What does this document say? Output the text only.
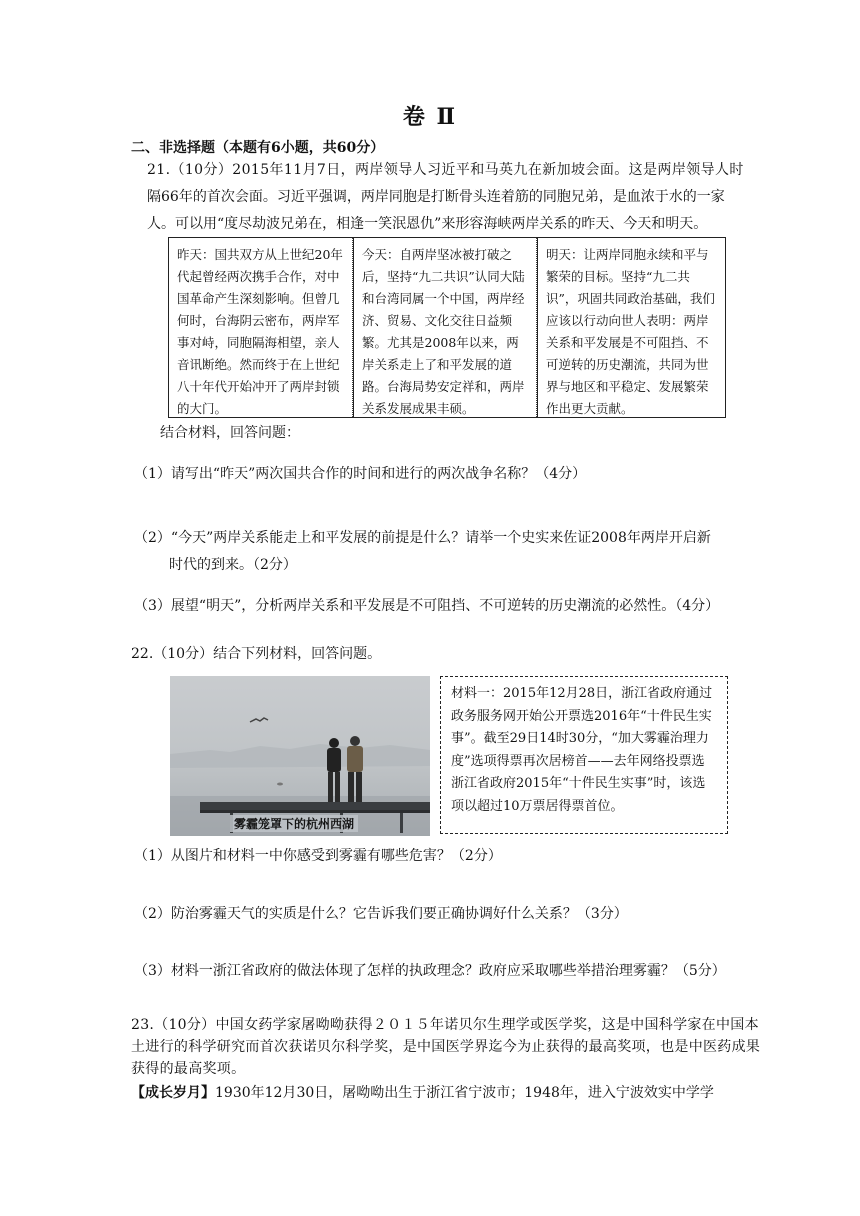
卷 Ⅱ
二、非选择题（本题有6小题，共60分）
21.（10分）2015年11月7日，两岸领导人习近平和马英九在新加坡会面。这是两岸领导人时
隔66年的首次会面。习近平强调，两岸同胞是打断骨头连着筋的同胞兄弟，是血浓于水的一家
人。可以用“度尽劫波兄弟在，相逢一笑泯恩仇”来形容海峡两岸关系的昨天、今天和明天。
昨天：国共双方从上世纪20年代起曾经两次携手合作，对中国革命产生深刻影响。但曾几何时，台海阴云密布，两岸军事对峙，同胞隔海相望，亲人音讯断绝。然而终于在上世纪八十年代开始冲开了两岸封锁的大门。
今天：自两岸坚冰被打破之后，坚持“九二共识”认同大陆和台湾同属一个中国，两岸经济、贸易、文化交往日益频繁。尤其是2008年以来，两岸关系走上了和平发展的道路。台海局势安定祥和，两岸关系发展成果丰硕。
明天：让两岸同胞永续和平与繁荣的目标。坚持“九二共识”，巩固共同政治基础，我们应该以行动向世人表明：两岸关系和平发展是不可阻挡、不可逆转的历史潮流，共同为世界与地区和平稳定、发展繁荣作出更大贡献。
结合材料，回答问题：
（1）请写出“昨天”两次国共合作的时间和进行的两次战争名称？（4分）
（2）“今天”两岸关系能走上和平发展的前提是什么？请举一个史实来佐证2008年两岸开启新
时代的到来。（2分）
（3）展望“明天”，分析两岸关系和平发展是不可阻挡、不可逆转的历史潮流的必然性。（4分）
22.（10分）结合下列材料，回答问题。
雾霾笼罩下的杭州西湖
材料一：2015年12月28日，浙江省政府通过政务服务网开始公开票选2016年“十件民生实事”。截至29日14时30分，“加大雾霾治理力度”选项得票再次居榜首——去年网络投票选浙江省政府2015年“十件民生实事”时，该选项以超过10万票居得票首位。
（1）从图片和材料一中你感受到雾霾有哪些危害？（2分）
（2）防治雾霾天气的实质是什么？它告诉我们要正确协调好什么关系？（3分）
（3）材料一浙江省政府的做法体现了怎样的执政理念？政府应采取哪些举措治理雾霾？（5分）
23.（10分）中国女药学家屠呦呦获得２０１５年诺贝尔生理学或医学奖，这是中国科学家在中国本土进行的科学研究而首次获诺贝尔科学奖，是中国医学界迄今为止获得的最高奖项，也是中医药成果获得的最高奖项。
【成长岁月】1930年12月30日，屠呦呦出生于浙江省宁波市；1948年，进入宁波效实中学学
